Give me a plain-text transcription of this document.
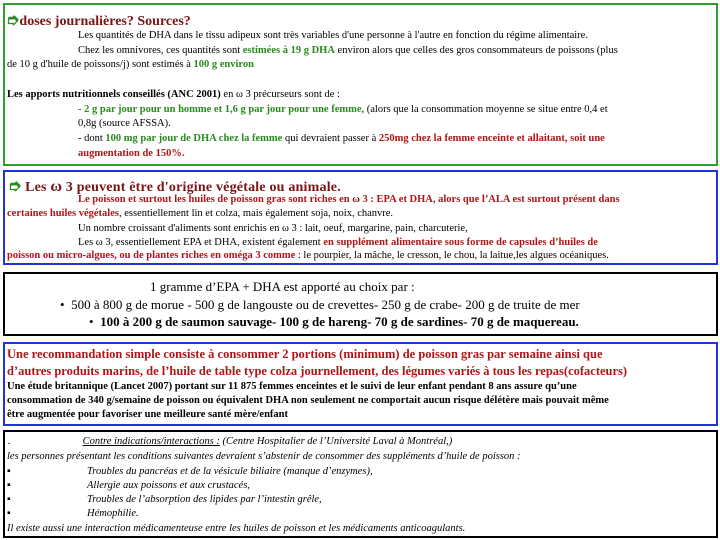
➮doses journalières? Sources?
Les quantités de DHA dans le tissu adipeux sont très variables d'une personne à l'autre en fonction du régime alimentaire.
Chez les omnivores, ces quantités sont estimées à 19 g DHA environ alors que celles des gros consommateurs de poissons (plus
de 10 g d'huile de poissons/j) sont estimés à 100 g environ
Les apports nutritionnels conseillés (ANC 2001) en ω 3 précurseurs sont de :
- 2 g par jour pour un homme et 1,6 g par jour pour une femme, (alors que la consommation moyenne se situe entre 0,4 et
0,8g (source AFSSA).
- dont 100 mg par jour de DHA chez la femme qui devraient passer à 250mg chez la femme enceinte et allaitant, soit une
augmentation de 150%.
➮ Les ω 3 peuvent être d'origine végétale ou animale.
Le poisson et surtout les huiles de poisson gras sont riches en ω 3 : EPA et DHA, alors que l’ALA est surtout présent dans
certaines huiles végétales, essentiellement lin et colza, mais également soja, noix, chanvre.
Un nombre croissant d'aliments sont enrichis en ω 3 : lait, oeuf, margarine, pain, charcuterie,
Les ω 3, essentiellement EPA et DHA, existent également en supplément alimentaire sous forme de capsules d’huiles de
poisson ou micro-algues, ou de plantes riches en oméga 3 comme : le pourpier, la mâche, le cresson, le chou, la laitue,les algues océaniques.
1 gramme d’EPA + DHA est apporté au choix par :
•  500 à 800 g de morue - 500 g de langouste ou de crevettes- 250 g de crabe- 200 g de truite de mer
•  100 à 200 g de saumon sauvage- 100 g de hareng- 70 g de sardines- 70 g de maquereau.
Une recommandation simple consiste à consommer 2 portions (minimum) de poisson gras par semaine ainsi que
d’autres produits marins, de l’huile de table type colza journellement, des légumes variés à tous les repas(cofacteurs)
Une étude britannique (Lancet 2007) portant sur 11 875 femmes enceintes et le suivi de leur enfant pendant 8 ans assure qu’une
consommation de 340 g/semaine de poisson ou équivalent DHA non seulement ne comportait aucun risque délétère mais pouvait même
être augmentée pour favoriser une meilleure santé mère/enfant
.	Contre indications/interactions : (Centre Hospitalier de l’Université Laval à Montréal,)
les personnes présentant les conditions suivantes devraient s’abstenir de consommer des suppléments d’huile de poisson :
▪	Troubles du pancréas et de la vésicule biliaire (manque d’enzymes),
▪	Allergie aux poissons et aux crustacés,
▪	Troubles de l’absorption des lipides par l’intestin grêle,
▪	Hémophilie.
Il existe aussi une interaction médicamenteuse entre les huiles de poisson et les médicaments anticoagulants.
